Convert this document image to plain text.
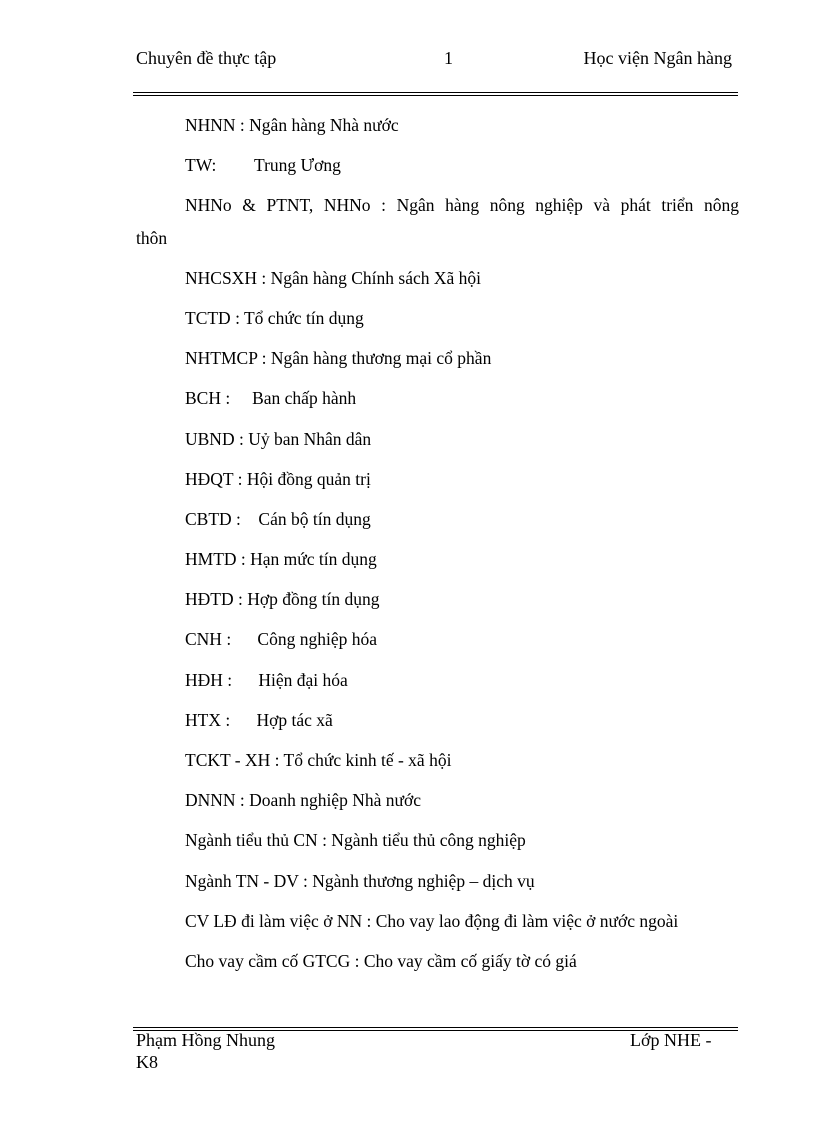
Chuyên đề thực tập	1	Học viện Ngân hàng
NHNN : Ngân hàng Nhà nước
TW: Trung Ương
NHNo & PTNT, NHNo : Ngân hàng nông nghiệp và phát triển nông
thôn
NHCSXH : Ngân hàng Chính sách Xã hội
TCTD : Tổ chức tín dụng
NHTMCP : Ngân hàng thương mại cổ phần
BCH :     Ban chấp hành
UBND : Uỷ ban Nhân dân
HĐQT : Hội đồng quản trị
CBTD :    Cán bộ tín dụng
HMTD : Hạn mức tín dụng
HĐTD : Hợp đồng tín dụng
CNH :      Công nghiệp hóa
HĐH :      Hiện đại hóa
HTX :      Hợp tác xã
TCKT - XH : Tổ chức kinh tế - xã hội
DNNN : Doanh nghiệp Nhà nước
Ngành tiểu thủ CN : Ngành tiểu thủ công nghiệp
Ngành TN - DV : Ngành thương nghiệp – dịch vụ
CV LĐ đi làm việc ở NN : Cho vay lao động đi làm việc ở nước ngoài
Cho vay cầm cố GTCG : Cho vay cầm cố giấy tờ có giá
Phạm Hồng Nhung	Lớp NHE -
K8
